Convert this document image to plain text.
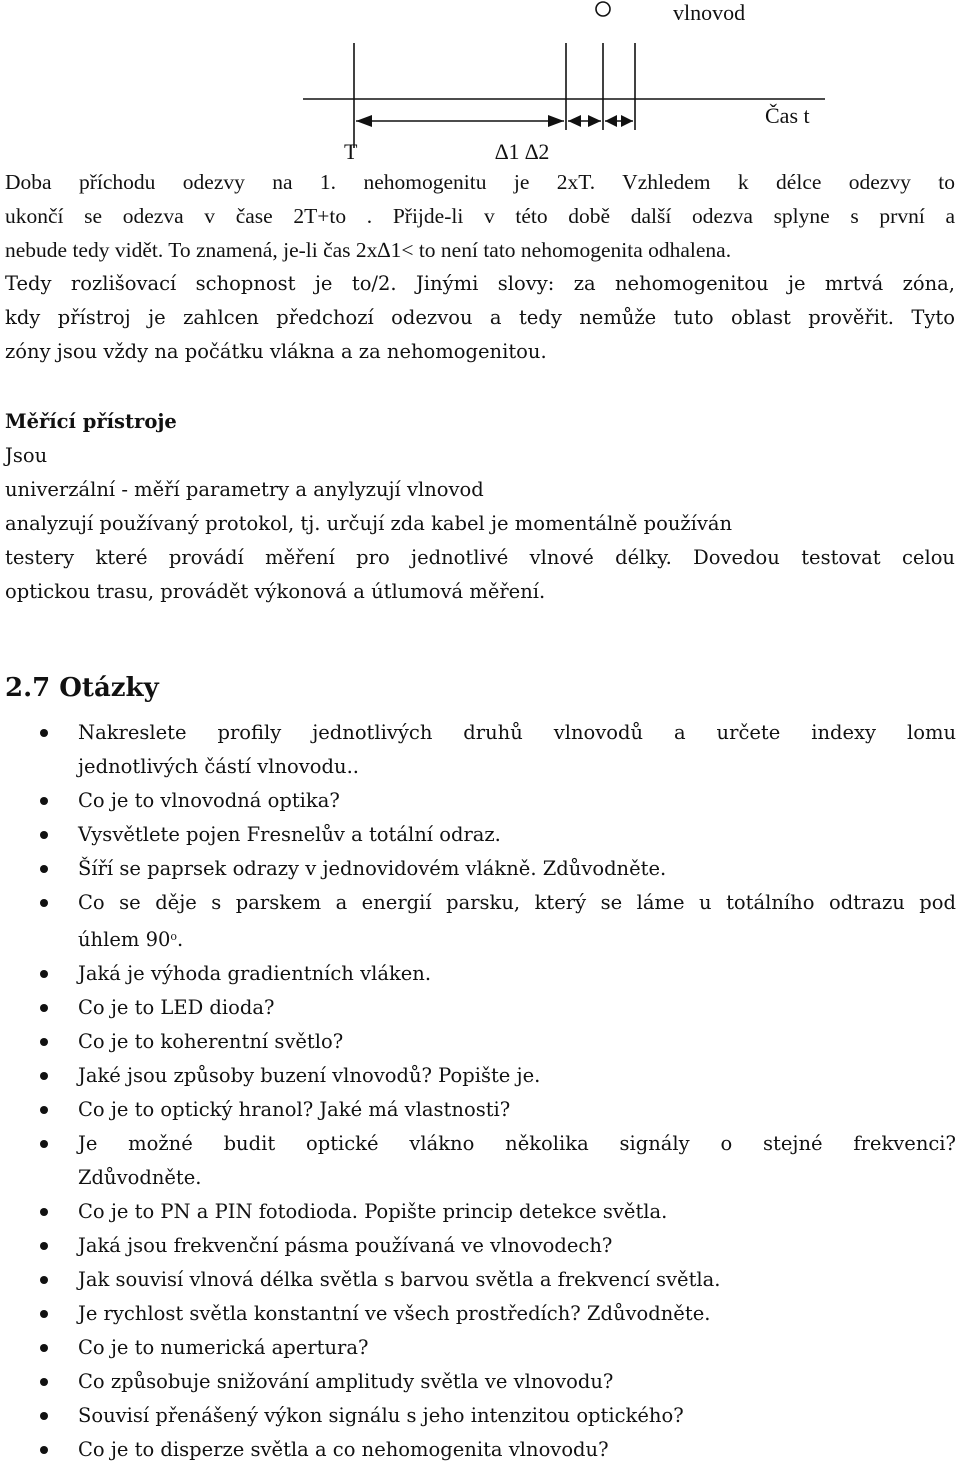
vlnovod
Čas t
T	∆1 ∆2
Doba příchodu odezvy na 1. nehomogenitu je 2xT. Vzhledem k délce odezvy to
ukončí se odezva v čase 2T+to . Přijde-li v této době další odezva splyne s první a
nebude tedy vidět. To znamená, je-li čas 2x∆1< to není tato nehomogenita odhalena.
Tedy rozlišovací schopnost je to/2. Jinými slovy: za nehomogenitou je mrtvá zóna,
kdy přístroj je zahlcen předchozí odezvou a tedy nemůže tuto oblast prověřit. Tyto
zóny jsou vždy na počátku vlákna a za nehomogenitou.
Měřící přístroje
Jsou
univerzální - měří parametry a anylyzují vlnovod
analyzují používaný protokol, tj. určují zda kabel je momentálně používán
testery které provádí měření pro jednotlivé vlnové délky. Dovedou testovat celou
optickou trasu, provádět výkonová a útlumová měření.
2.7 Otázky
Nakreslete profily jednotlivých druhů vlnovodů a určete indexy lomu
jednotlivých částí vlnovodu..
Co je to vlnovodná optika?
Vysvětlete pojen Fresnelův a totální odraz.
Šíří se paprsek odrazy v jednovidovém vlákně. Zdůvodněte.
Co se děje s parskem a energií parsku, který se láme u totálního odtrazu pod
úhlem 90$^o$.
Jaká je výhoda gradientních vláken.
Co je to LED dioda?
Co je to koherentní světlo?
Jaké jsou způsoby buzení vlnovodů? Popište je.
Co je to optický hranol? Jaké má vlastnosti?
Je možné budit optické vlákno několika signály o stejné frekvenci?
Zdůvodněte.
Co je to PN a PIN fotodioda. Popište princip detekce světla.
Jaká jsou frekvenční pásma používaná ve vlnovodech?
Jak souvisí vlnová délka světla s barvou světla a frekvencí světla.
Je rychlost světla konstantní ve všech prostředích? Zdůvodněte.
Co je to numerická apertura?
Co způsobuje snižování amplitudy světla ve vlnovodu?
Souvisí přenášený výkon signálu s jeho intenzitou optického?
Co je to disperze světla a co nehomogenita vlnovodu?
